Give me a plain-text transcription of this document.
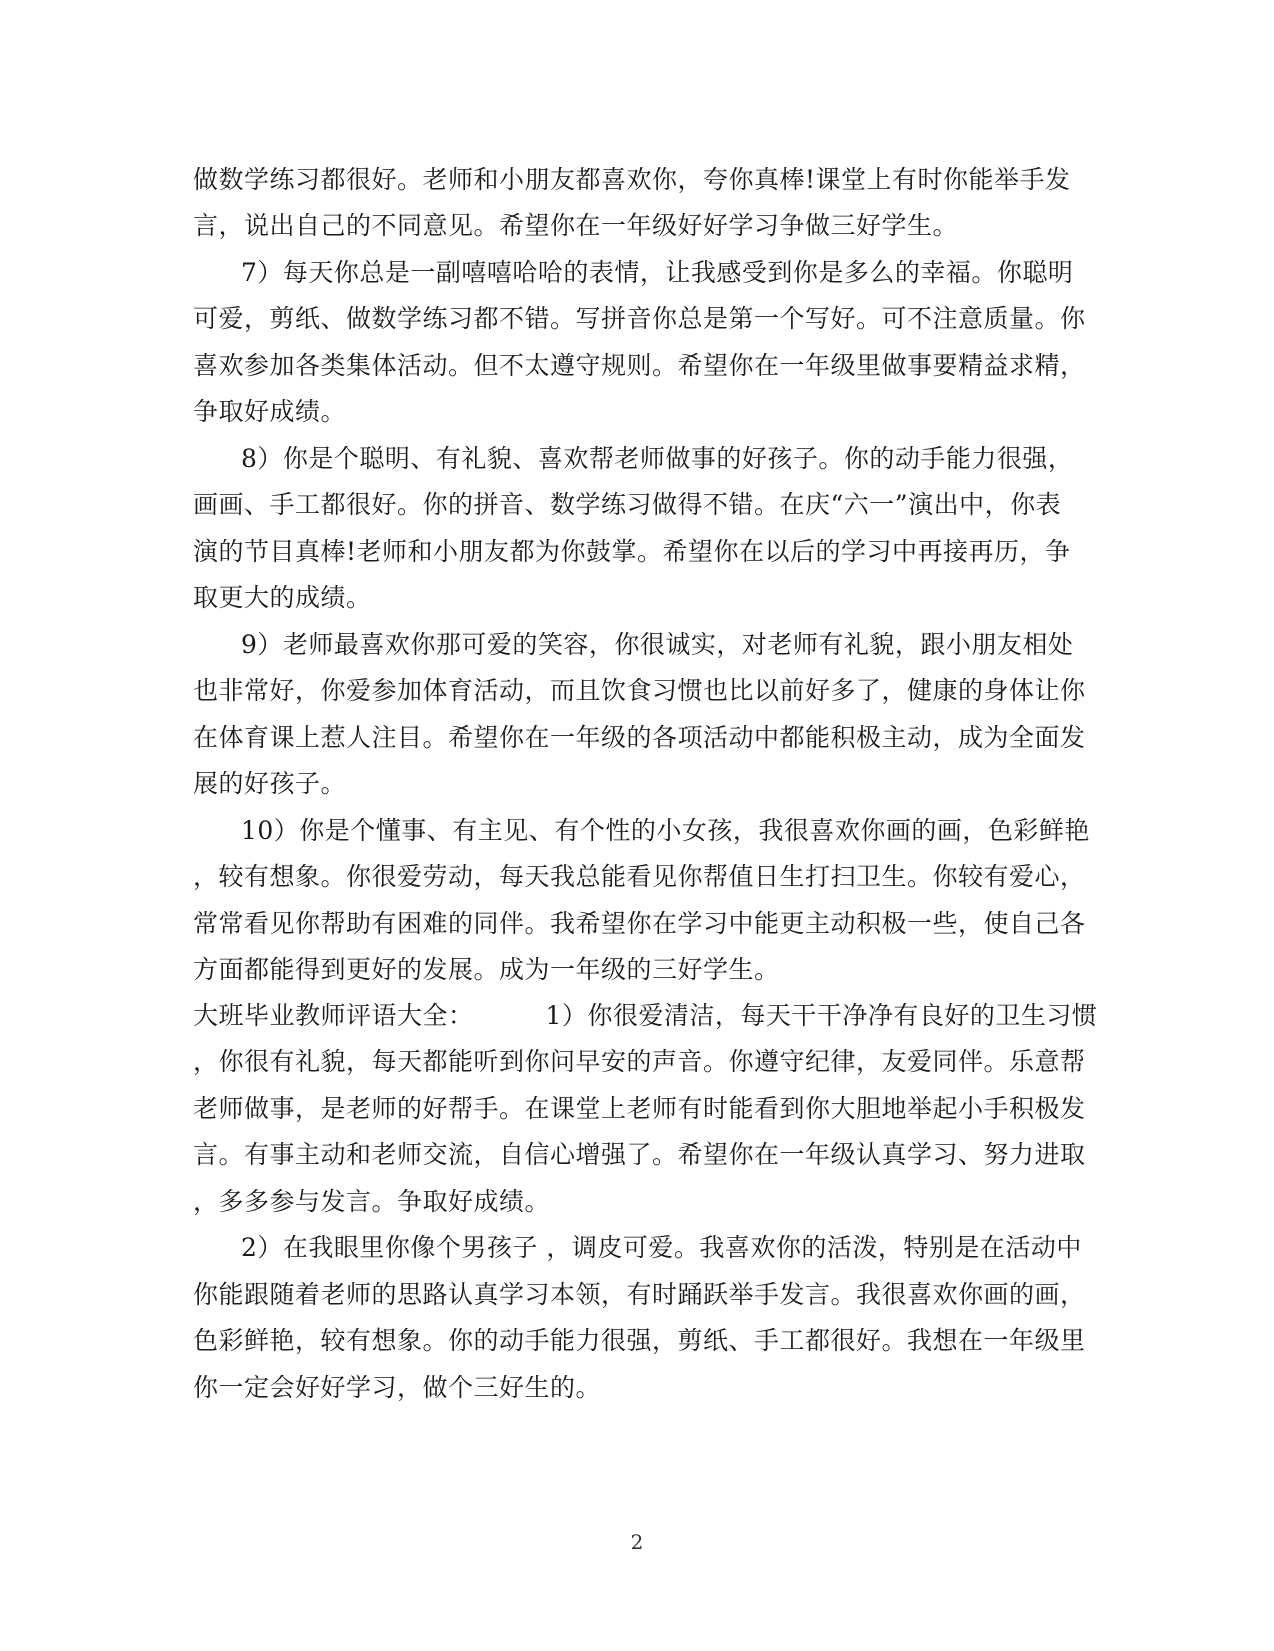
做数学练习都很好。老师和小朋友都喜欢你，夸你真棒!课堂上有时你能举手发
言，说出自己的不同意见。希望你在一年级好好学习争做三好学生。
7）每天你总是一副嘻嘻哈哈的表情，让我感受到你是多么的幸福。你聪明
可爱，剪纸、做数学练习都不错。写拼音你总是第一个写好。可不注意质量。你
喜欢参加各类集体活动。但不太遵守规则。希望你在一年级里做事要精益求精，
争取好成绩。
8）你是个聪明、有礼貌、喜欢帮老师做事的好孩子。你的动手能力很强，
画画、手工都很好。你的拼音、数学练习做得不错。在庆“六一”演出中，你表
演的节目真棒!老师和小朋友都为你鼓掌。希望你在以后的学习中再接再历，争
取更大的成绩。
9）老师最喜欢你那可爱的笑容，你很诚实，对老师有礼貌，跟小朋友相处
也非常好，你爱参加体育活动，而且饮食习惯也比以前好多了，健康的身体让你
在体育课上惹人注目。希望你在一年级的各项活动中都能积极主动，成为全面发
展的好孩子。
10）你是个懂事、有主见、有个性的小女孩，我很喜欢你画的画，色彩鲜艳
，较有想象。你很爱劳动，每天我总能看见你帮值日生打扫卫生。你较有爱心，
常常看见你帮助有困难的同伴。我希望你在学习中能更主动积极一些，使自己各
方面都能得到更好的发展。成为一年级的三好学生。
大班毕业教师评语大全：	1）你很爱清洁，每天干干净净有良好的卫生习惯
，你很有礼貌，每天都能听到你问早安的声音。你遵守纪律，友爱同伴。乐意帮
老师做事，是老师的好帮手。在课堂上老师有时能看到你大胆地举起小手积极发
言。有事主动和老师交流，自信心增强了。希望你在一年级认真学习、努力进取
，多多参与发言。争取好成绩。
2）在我眼里你像个男孩子 ，调皮可爱。我喜欢你的活泼，特别是在活动中
你能跟随着老师的思路认真学习本领，有时踊跃举手发言。我很喜欢你画的画，
色彩鲜艳，较有想象。你的动手能力很强，剪纸、手工都很好。我想在一年级里
你一定会好好学习，做个三好生的。
2
